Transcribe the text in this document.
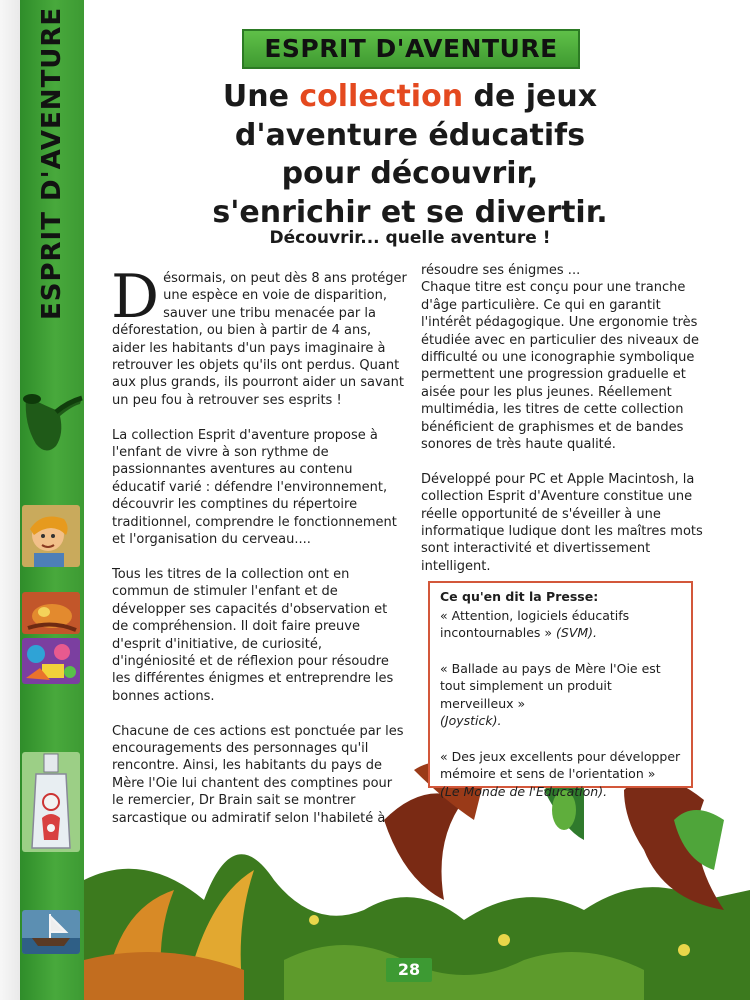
ESPRIT D'AVENTURE	ESPRIT D'AVENTURE
Une collection de jeux
d'aventure éducatifs
pour découvrir,
s'enrichir et se divertir.
Découvrir... quelle aventure !

Désormais, on peut dès 8 ans protéger une espèce en voie de disparition, sauver une tribu menacée par la déforestation, ou bien à partir de 4 ans, aider les habitants d'un pays imaginaire à retrouver les objets qu'ils ont perdus. Quant aux plus grands, ils pourront aider un savant un peu fou à retrouver ses esprits !

La collection Esprit d'aventure propose à l'enfant de vivre à son rythme de passionnantes aventures au contenu éducatif varié : défendre l'environnement, découvrir les comptines du répertoire traditionnel, comprendre le fonctionnement et l'organisation du cerveau....

Tous les titres de la collection ont en commun de stimuler l'enfant et de développer ses capacités d'observation et de compréhension. Il doit faire preuve d'esprit d'initiative, de curiosité, d'ingéniosité et de réflexion pour résoudre les différentes énigmes et entreprendre les bonnes actions.

Chacune de ces actions est ponctuée par les encouragements des personnages qu'il rencontre. Ainsi, les habitants du pays de Mère l'Oie lui chantent des comptines pour le remercier, Dr Brain sait se montrer sarcastique ou admiratif selon l'habileté à

résoudre ses énigmes ...
Chaque titre est conçu pour une tranche d'âge particulière. Ce qui en garantit l'intérêt pédagogique. Une ergonomie très étudiée avec en particulier des niveaux de difficulté ou une iconographie symbolique permettent une progression graduelle et aisée pour les plus jeunes. Réellement multimédia, les titres de cette collection bénéficient de graphismes et de bandes sonores de très haute qualité.

Développé pour PC et Apple Macintosh, la collection Esprit d'Aventure constitue une réelle opportunité de s'éveiller à une informatique ludique dont les maîtres mots sont interactivité et divertissement intelligent.

Ce qu'en dit la Presse:

« Attention, logiciels éducatifs incontournables » (SVM).

« Ballade au pays de Mère l'Oie est tout simplement un produit merveilleux »
(Joystick).

« Des jeux excellents pour développer mémoire et sens de l'orientation »
(Le Monde de l'Education).

28
